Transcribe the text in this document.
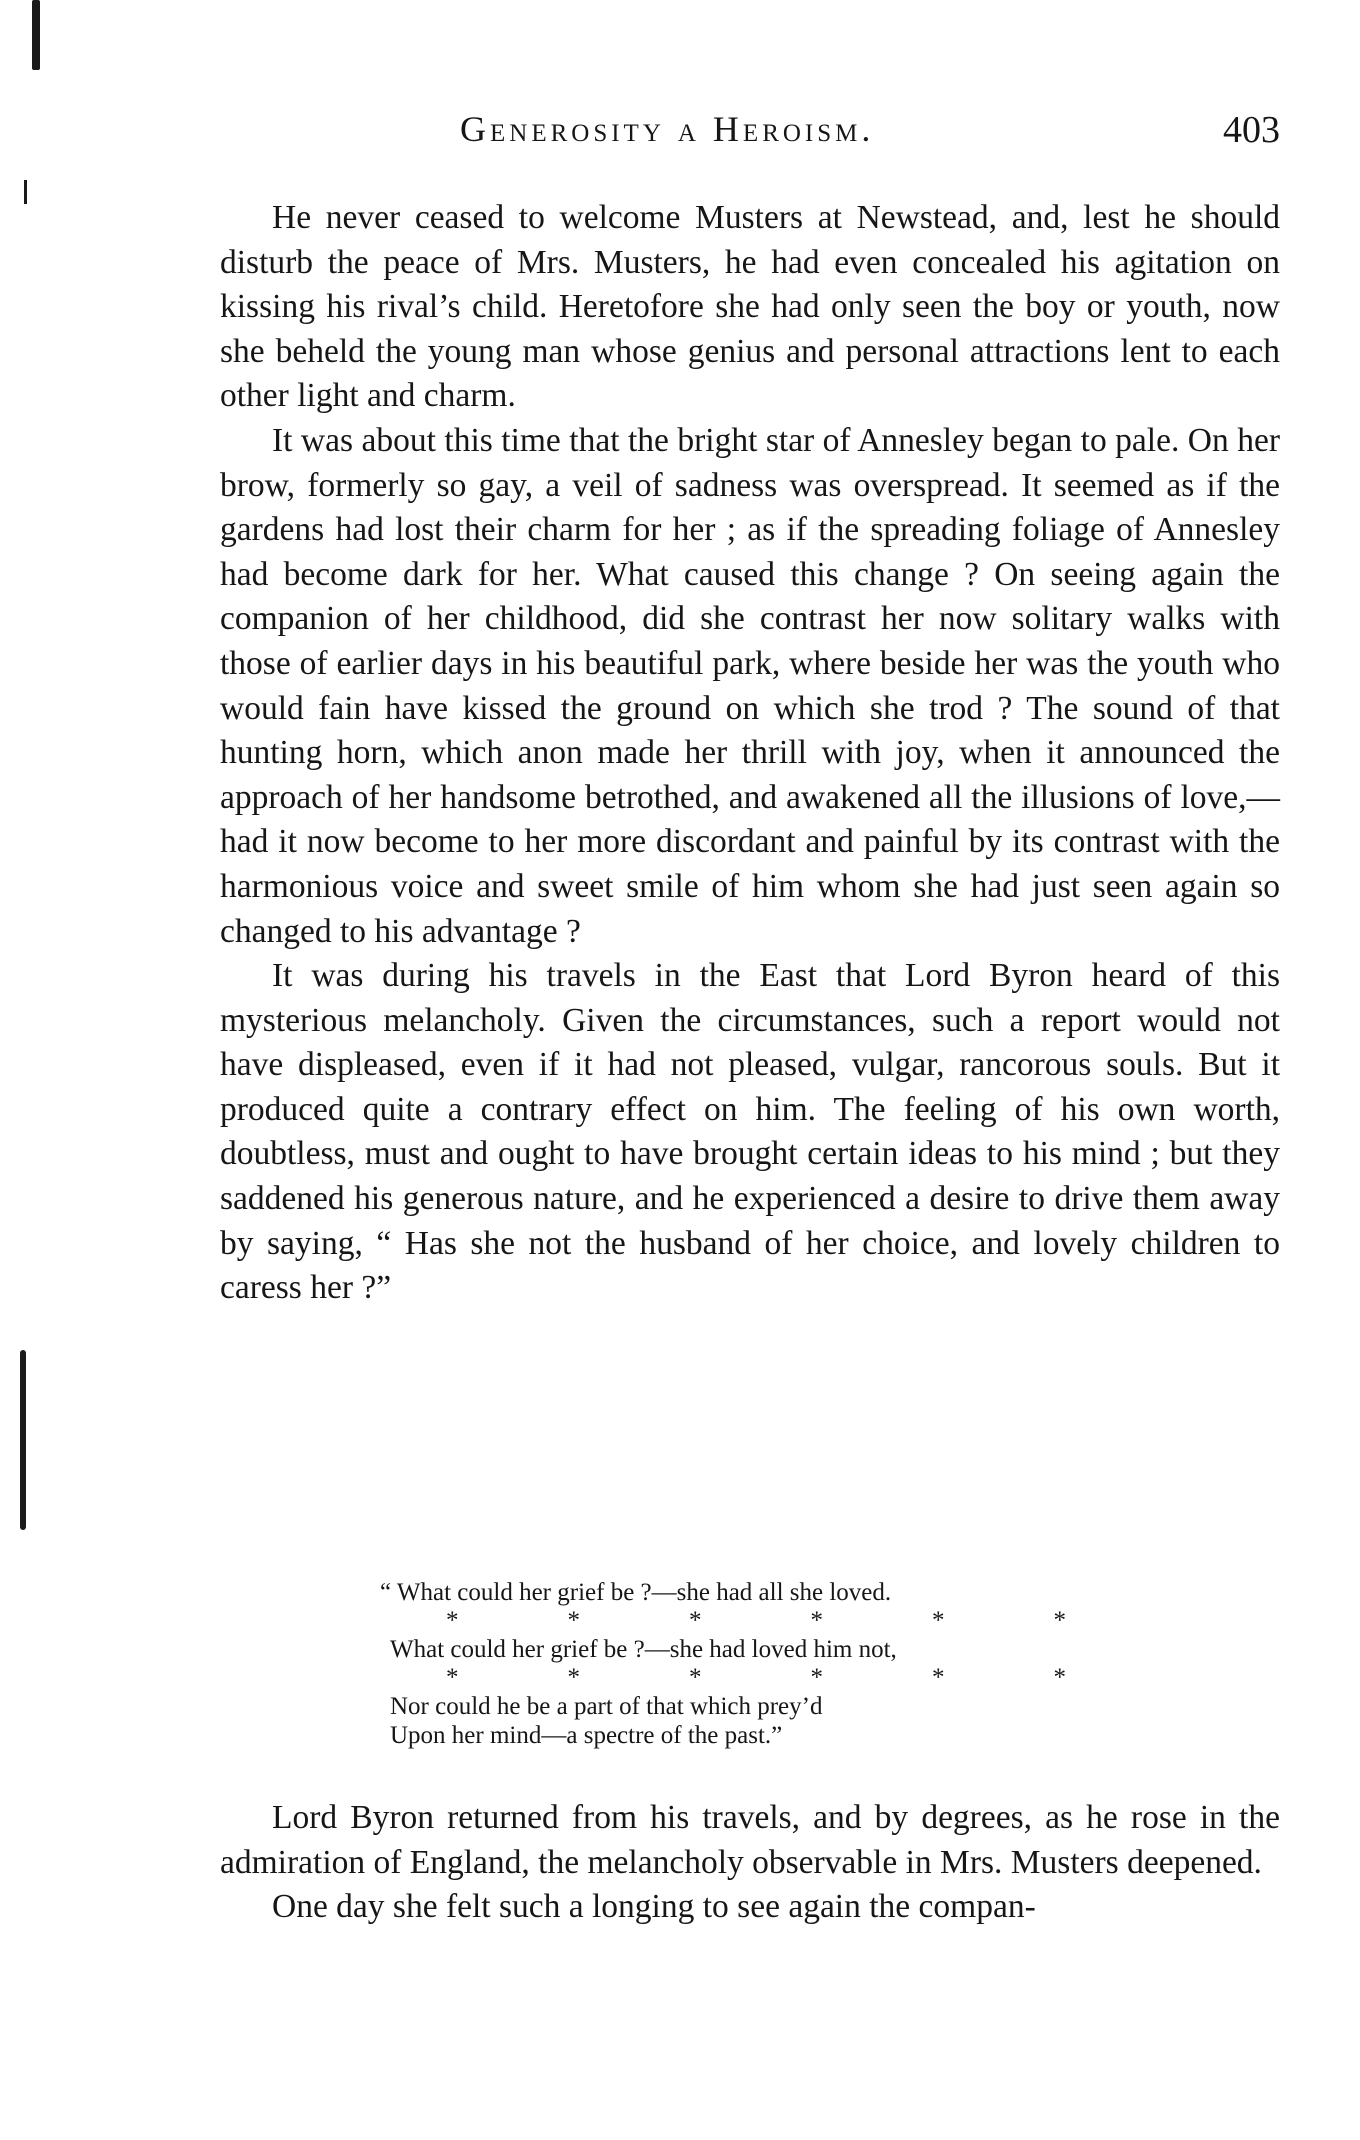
Generosity a Heroism.	403

He never ceased to welcome Musters at Newstead, and, lest he should disturb the peace of Mrs. Musters, he had even concealed his agitation on kissing his rival’s child. Heretofore she had only seen the boy or youth, now she beheld the young man whose genius and personal attractions lent to each other light and charm.

It was about this time that the bright star of Annesley began to pale. On her brow, formerly so gay, a veil of sadness was overspread. It seemed as if the gardens had lost their charm for her ; as if the spreading foliage of Annesley had become dark for her. What caused this change ? On seeing again the companion of her childhood, did she contrast her now solitary walks with those of earlier days in his beautiful park, where beside her was the youth who would fain have kissed the ground on which she trod ? The sound of that hunting horn, which anon made her thrill with joy, when it announced the approach of her handsome betrothed, and awakened all the illusions of love,—had it now become to her more discordant and painful by its contrast with the harmonious voice and sweet smile of him whom she had just seen again so changed to his advantage ?

It was during his travels in the East that Lord Byron heard of this mysterious melancholy. Given the circumstances, such a report would not have displeased, even if it had not pleased, vulgar, rancorous souls. But it produced quite a contrary effect on him. The feeling of his own worth, doubtless, must and ought to have brought certain ideas to his mind ; but they saddened his generous nature, and he experienced a desire to drive them away by saying, “ Has she not the husband of her choice, and lovely children to caress her ?”

“ What could her grief be ?—she had all she loved.
*	*	*	*	*	*
What could her grief be ?—she had loved him not,
*	*	*	*	*	*
Nor could he be a part of that which prey’d
Upon her mind—a spectre of the past.”

Lord Byron returned from his travels, and by degrees, as he rose in the admiration of England, the melancholy observable in Mrs. Musters deepened.

One day she felt such a longing to see again the compan-
